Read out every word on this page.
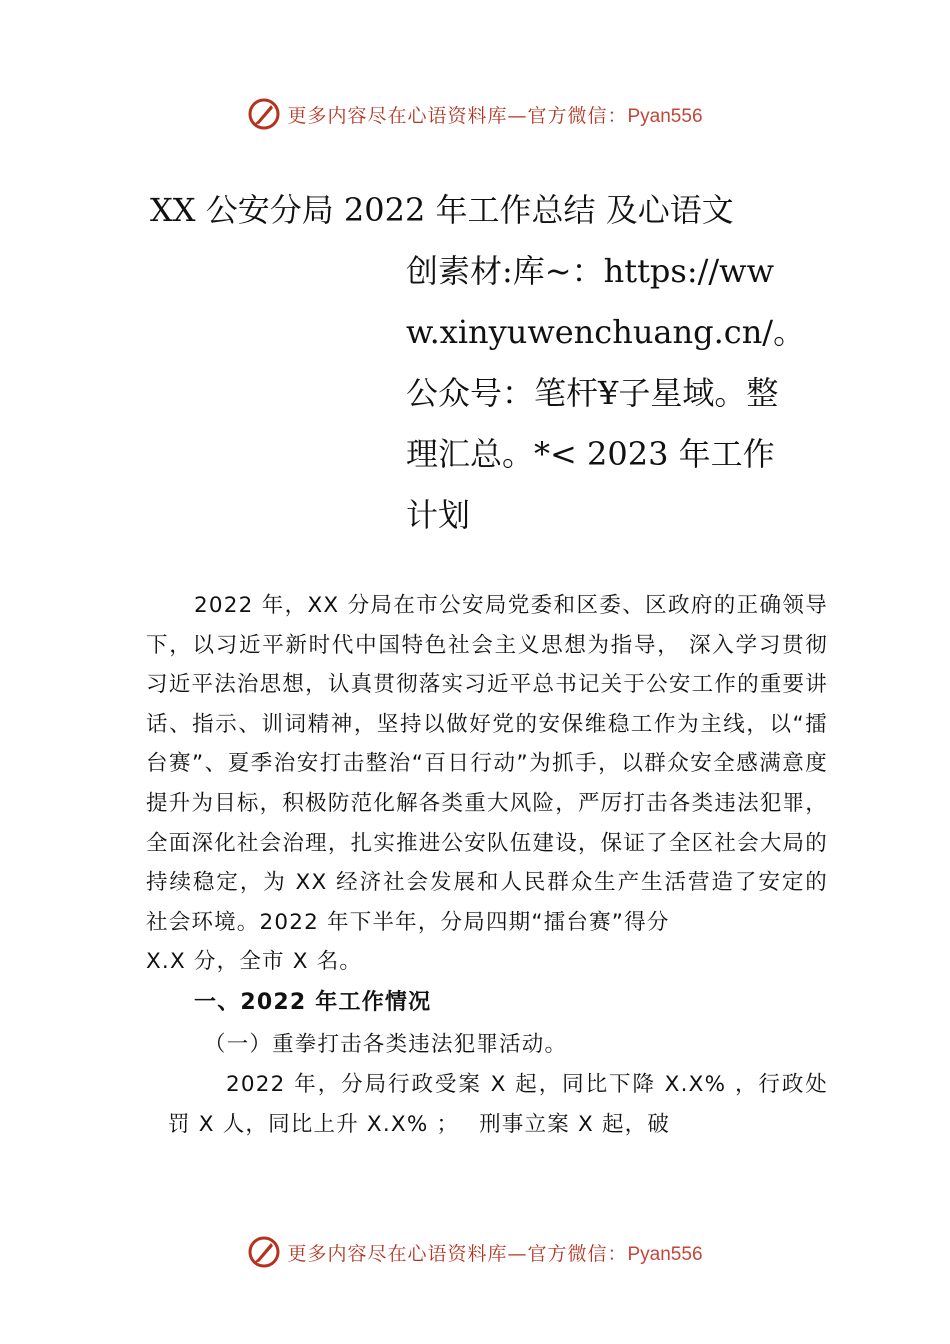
更多内容尽在心语资料库—官方微信：Pyan556
XX 公安分局 2022 年工作总结 及心语文
创素材:库~：https://www.xinyuwenchuang.cn/。公众号：笔杆¥子星域。整理汇总。*< 2023 年工作计划

2022 年，XX 分局在市公安局党委和区委、区政府的正确领导下，以习近平新时代中国特色社会主义思想为指导， 深入学习贯彻习近平法治思想，认真贯彻落实习近平总书记关于公安工作的重要讲话、指示、训词精神，坚持以做好党的安保维稳工作为主线，以“擂台赛”、夏季治安打击整治“百日行动”为抓手，以群众安全感满意度提升为目标，积极防范化解各类重大风险，严厉打击各类违法犯罪，全面深化社会治理，扎实推进公安队伍建设，保证了全区社会大局的持续稳定，为 XX 经济社会发展和人民群众生产生活营造了安定的社会环境。2022 年下半年，分局四期“擂台赛”得分

X.X 分，全市 X 名。

一、2022 年工作情况

（一）重拳打击各类违法犯罪活动。

2022 年，分局行政受案 X 起，同比下降 X.X% ，行政处罚 X 人，同比上升 X.X% ；　 刑事立案 X 起，破

更多内容尽在心语资料库—官方微信：Pyan556
